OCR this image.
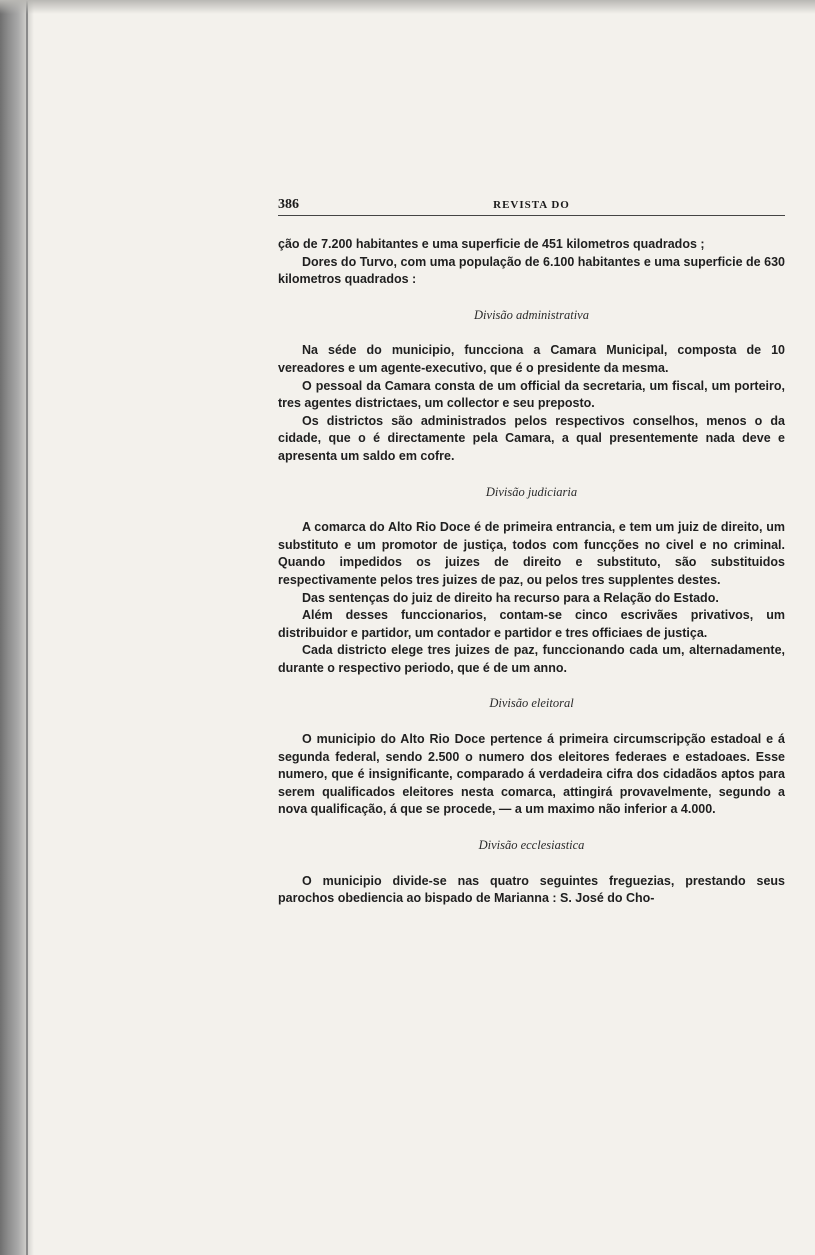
386	REVISTA DO

ção de 7.200 habitantes e uma superficie de 451 kilometros quadrados ;

Dores do Turvo, com uma população de 6.100 habitantes e uma superficie de 630 kilometros quadrados :

Divisão administrativa

Na séde do municipio, funcciona a Camara Municipal, composta de 10 vereadores e um agente-executivo, que é o presidente da mesma.

O pessoal da Camara consta de um official da secretaria, um fiscal, um porteiro, tres agentes districtaes, um collector e seu preposto.

Os districtos são administrados pelos respectivos conselhos, menos o da cidade, que o é directamente pela Camara, a qual presentemente nada deve e apresenta um saldo em cofre.

Divisão judiciaria

A comarca do Alto Rio Doce é de primeira entrancia, e tem um juiz de direito, um substituto e um promotor de justiça, todos com funcções no civel e no criminal. Quando impedidos os juizes de direito e substituto, são substituidos respectivamente pelos tres juizes de paz, ou pelos tres supplentes destes.

Das sentenças do juiz de direito ha recurso para a Relação do Estado.

Além desses funccionarios, contam-se cinco escrivães privativos, um distribuidor e partidor, um contador e partidor e tres officiaes de justiça.

Cada districto elege tres juizes de paz, funccionando cada um, alternadamente, durante o respectivo periodo, que é de um anno.

Divisão eleitoral

O municipio do Alto Rio Doce pertence á primeira circumscripção estadoal e á segunda federal, sendo 2.500 o numero dos eleitores federaes e estadoaes. Esse numero, que é insignificante, comparado á verdadeira cifra dos cidadãos aptos para serem qualificados eleitores nesta comarca, attingirá provavelmente, segundo a nova qualificação, á que se procede, — a um maximo não inferior a 4.000.

Divisão ecclesiastica

O municipio divide-se nas quatro seguintes freguezias, prestando seus parochos obediencia ao bispado de Marianna : S. José do Cho-
